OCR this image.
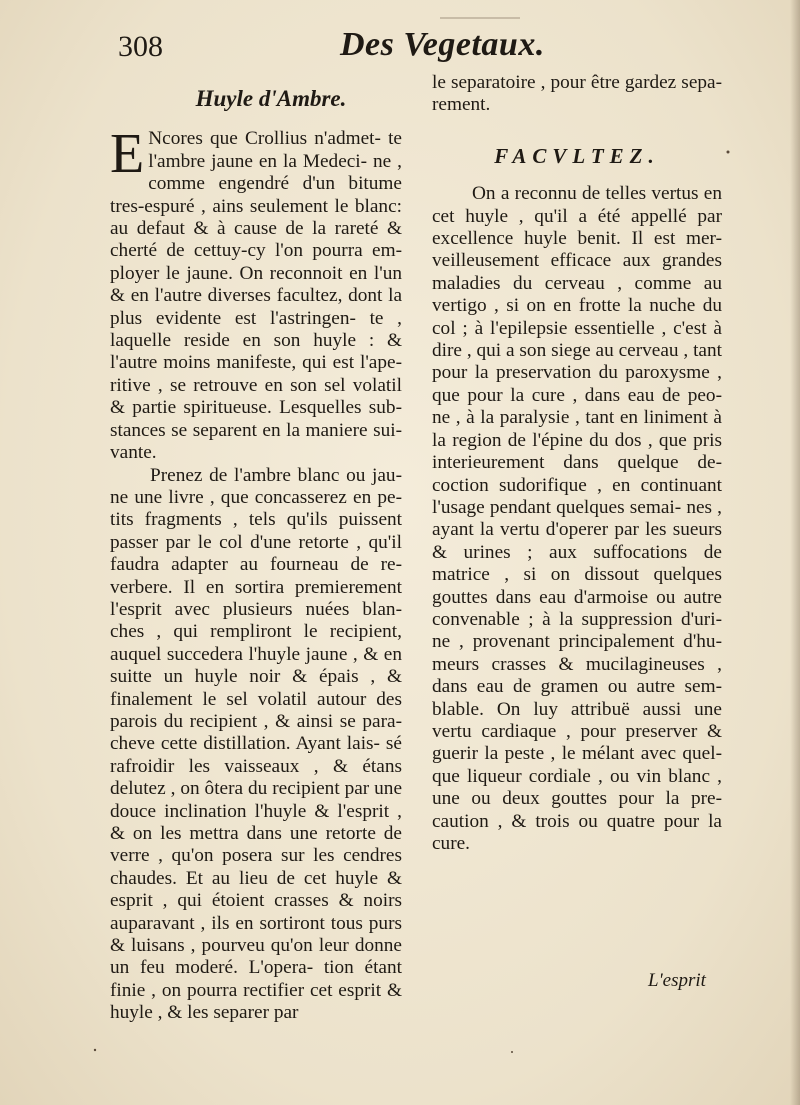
308	Des Vegetaux.
Huyle d'Ambre.

E Ncores que Crollius n'admet- te l'ambre jaune en la Medeci- ne , comme engendré d'un bitume tres-espuré , ains seulement le blanc: au defaut & à cause de la rareté & cherté de cettuy-cy l'on pourra em- ployer le jaune. On reconnoit en l'un & en l'autre diverses facultez, dont la plus evidente est l'astringen- te , laquelle reside en son huyle : & l'autre moins manifeste, qui est l'ape- ritive , se retrouve en son sel volatil & partie spiritueuse. Lesquelles sub- stances se separent en la maniere sui- vante.

Prenez de l'ambre blanc ou jau- ne une livre , que concasserez en pe- tits fragments , tels qu'ils puissent passer par le col d'une retorte , qu'il faudra adapter au fourneau de re- verbere. Il en sortira premierement l'esprit avec plusieurs nuées blan- ches , qui rempliront le recipient, auquel succedera l'huyle jaune , & en suitte un huyle noir & épais , & finalement le sel volatil autour des parois du recipient , & ainsi se para- cheve cette distillation. Ayant lais- sé rafroidir les vaisseaux , & étans delutez , on ôtera du recipient par une douce inclination l'huyle & l'esprit , & on les mettra dans une retorte de verre , qu'on posera sur les cendres chaudes. Et au lieu de cet huyle & esprit , qui étoient crasses & noirs auparavant , ils en sortiront tous purs & luisans , pourveu qu'on leur donne un feu moderé. L'opera- tion étant finie , on pourra rectifier cet esprit & huyle , & les separer par

le separatoire , pour être gardez sepa- rement.

FACVLTEZ.

On a reconnu de telles vertus en cet huyle , qu'il a été appellé par excellence huyle benit. Il est mer- veilleusement efficace aux grandes maladies du cerveau , comme au vertigo , si on en frotte la nuche du col ; à l'epilepsie essentielle , c'est à dire , qui a son siege au cerveau , tant pour la preservation du paroxysme , que pour la cure , dans eau de peo- ne , à la paralysie , tant en liniment à la region de l'épine du dos , que pris interieurement dans quelque de- coction sudorifique , en continuant l'usage pendant quelques semai- nes , ayant la vertu d'operer par les sueurs & urines ; aux suffocations de matrice , si on dissout quelques gouttes dans eau d'armoise ou autre convenable ; à la suppression d'uri- ne , provenant principalement d'hu- meurs crasses & mucilagineuses , dans eau de gramen ou autre sem- blable. On luy attribuë aussi une vertu cardiaque , pour preserver & guerir la peste , le mélant avec quel- que liqueur cordiale , ou vin blanc , une ou deux gouttes pour la pre- caution , & trois ou quatre pour la cure.

L'esprit
